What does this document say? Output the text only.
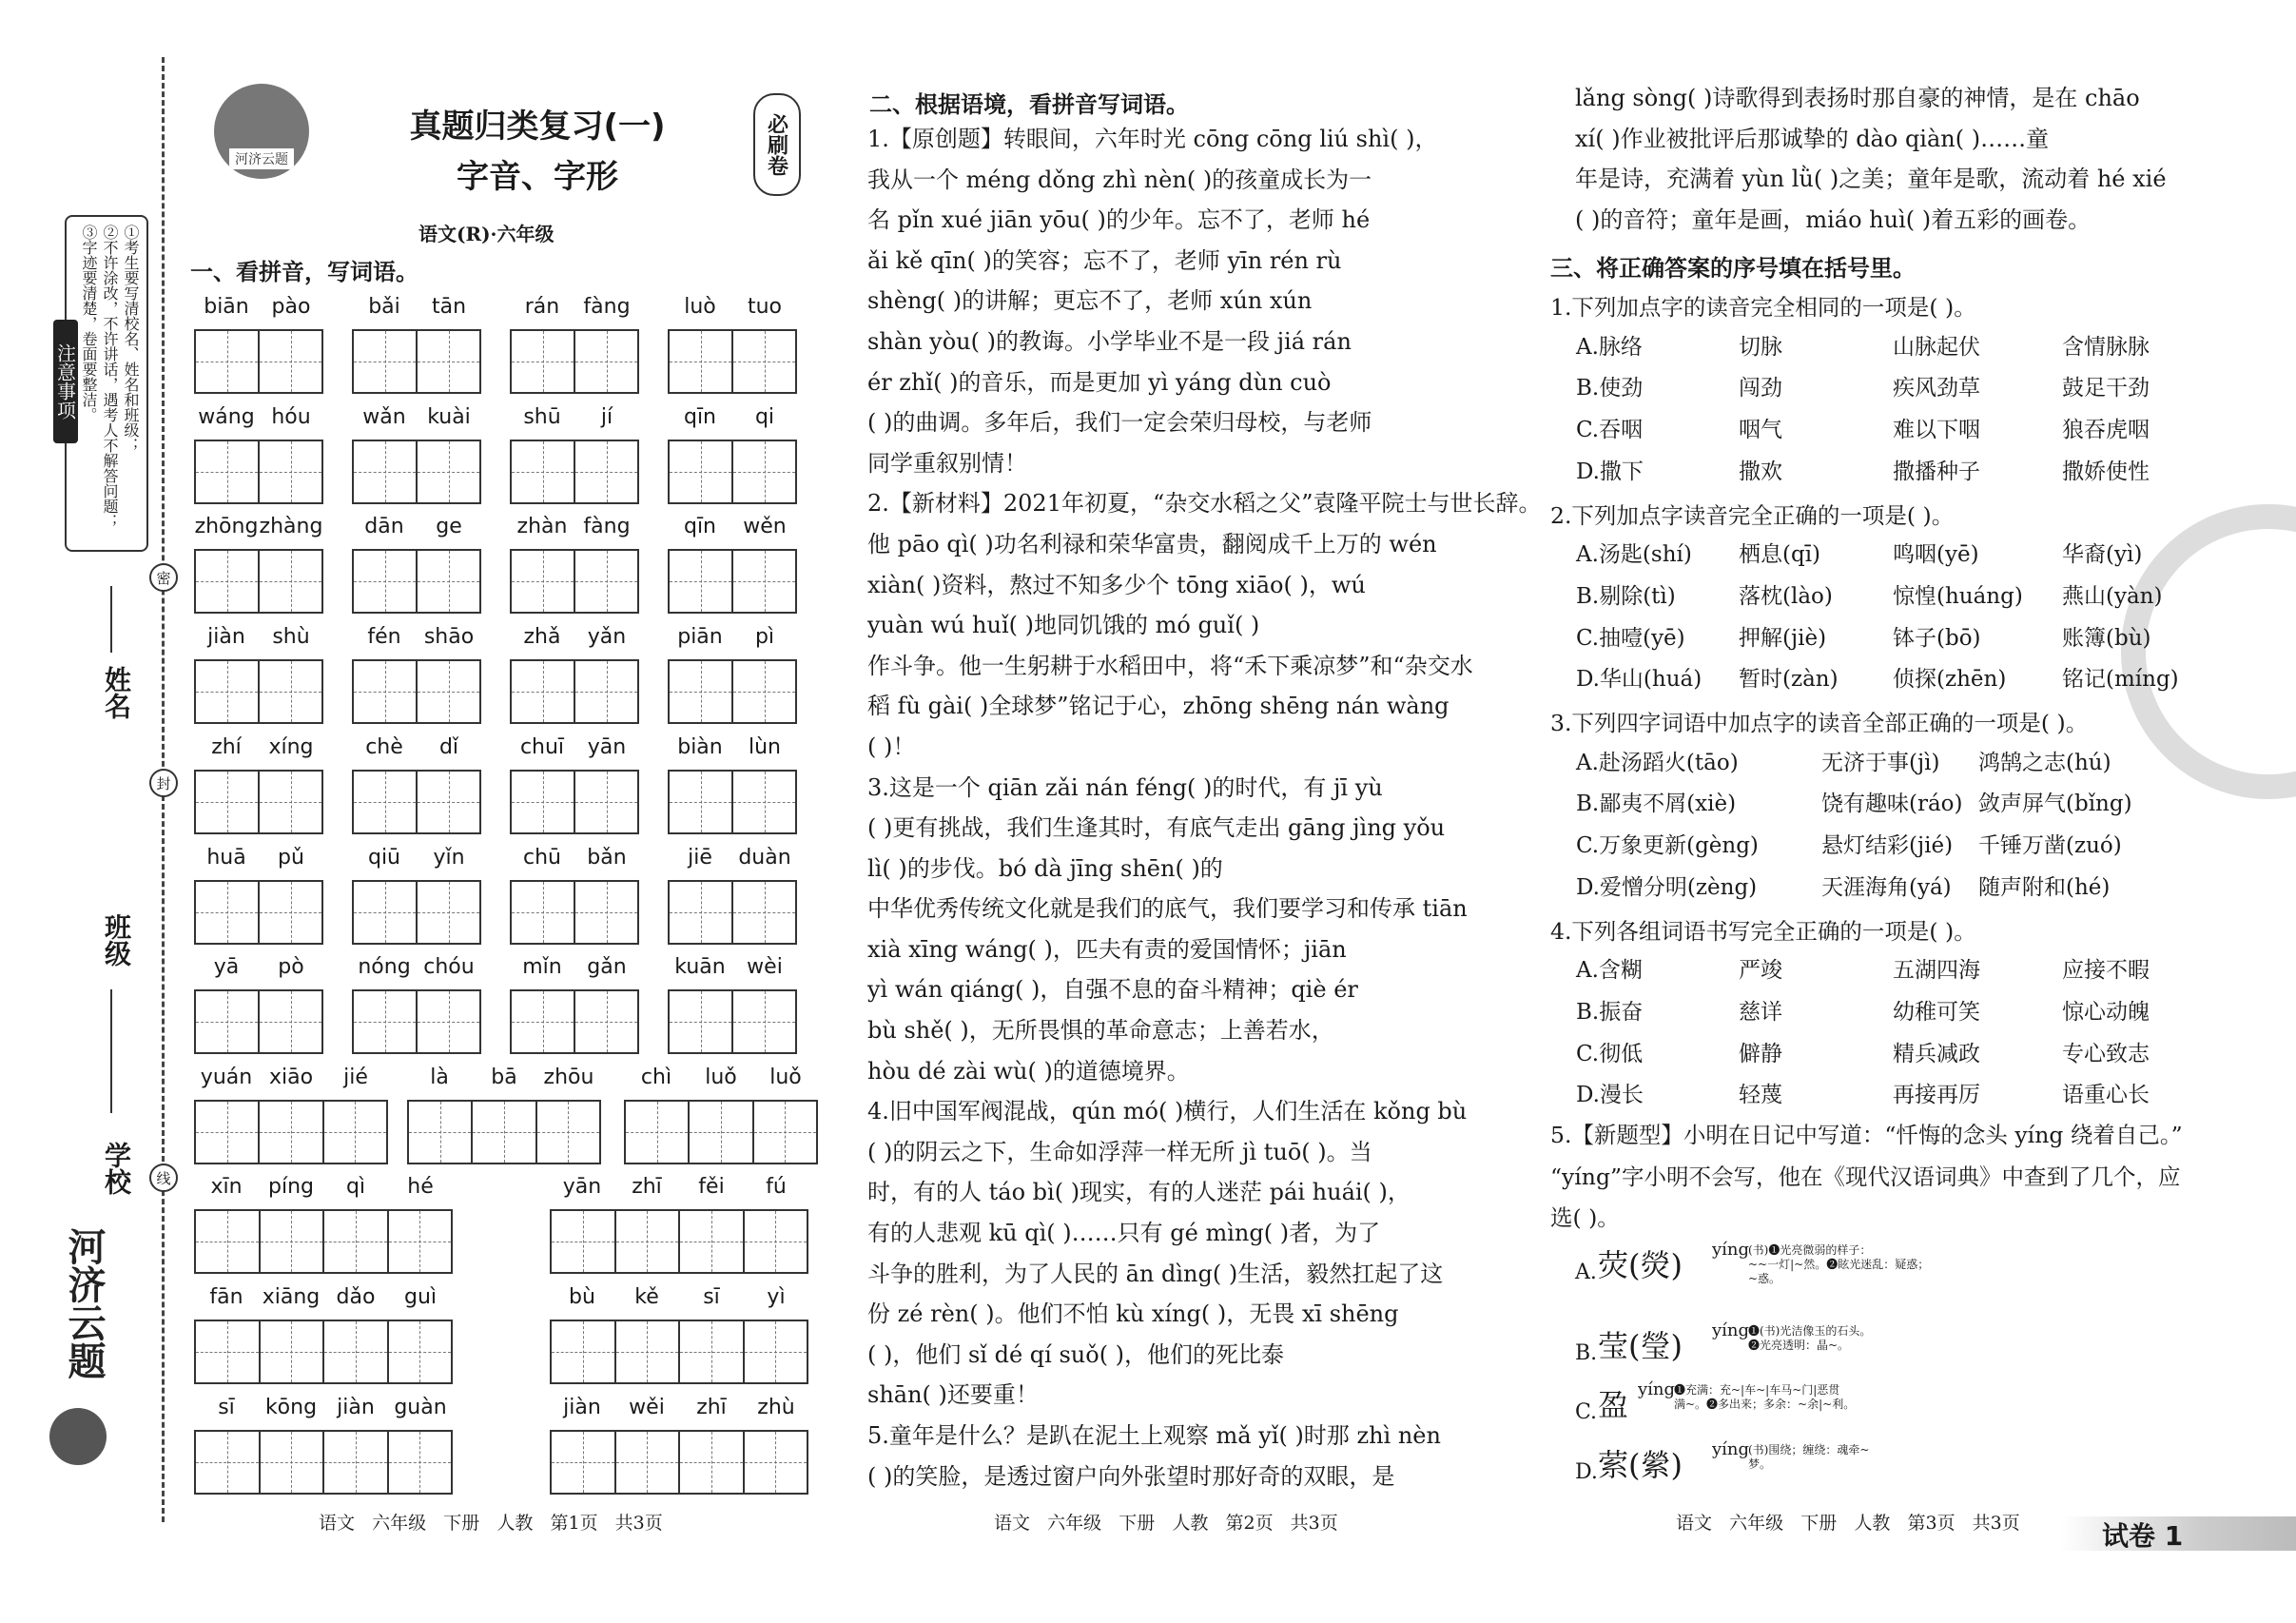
注意事项	①考生要写清校名、姓名和班级；
②不许涂改，不许讲话，遇考人不解答问题；
③字迹要清楚，卷面要整洁。
密
封
线
姓名
班级
学校
河济云题
河济云题
真题归类复习(一)
字音、字形
必刷卷
语文(R)·六年级
一、看拼音，写词语。
biān	pào	bǎi	tān	rán	fàng	luò	tuo
wáng hóu	wǎn	kuài	shū	jí	qīn	qi
zhōng zhàng	dān	ge	zhàn fàng	qīn	wěn
jiàn	shù	fén	shāo	zhǎ	yǎn	piān	pì
zhí	xíng	chè	dǐ	chuī	yān	biàn	lùn
huā	pǔ	qiū	yǐn	chū	bǎn	jiē	duàn
yā	pò	nóng chóu	mǐn	gǎn	kuān	wèi
yuán xiāo	jié	là	bā	zhōu	chì	luǒ	luǒ
xīn	píng	qì	hé	yān	zhī	fěi	fú
fān xiāng dǎo	guì	bù	kě	sī	yì
sī	kōng jiàn guàn	jiàn	wěi	zhī	zhù
语文   六年级   下册   人教   第1页   共3页	语文   六年级   下册   人教   第2页   共3页	语文   六年级   下册   人教   第3页   共3页	试卷 1
二、根据语境，看拼音写词语。
1.【原创题】转眼间，六年时光 cōng cōng liú shì( )，
我从一个 méng dǒng zhì nèn( )的孩童成长为一
名 pǐn xué jiān yōu( )的少年。忘不了，老师 hé
ǎi kě qīn( )的笑容；忘不了，老师 yīn rén rù
shèng( )的讲解；更忘不了，老师 xún xún
shàn yòu( )的教诲。小学毕业不是一段 jiá rán
ér zhǐ( )的音乐，而是更加 yì yáng dùn cuò
( )的曲调。多年后，我们一定会荣归母校，与老师
同学重叙别情！
2.【新材料】2021年初夏，“杂交水稻之父”袁隆平院士与世长辞。
他 pāo qì( )功名利禄和荣华富贵，翻阅成千上万的 wén
xiàn( )资料，熬过不知多少个 tōng xiāo( )，wú
yuàn wú huǐ( )地同饥饿的 mó guǐ( )
作斗争。他一生躬耕于水稻田中，将“禾下乘凉梦”和“杂交水
稻 fù gài( )全球梦”铭记于心，zhōng shēng nán wàng
( )！
3.这是一个 qiān zǎi nán féng( )的时代，有 jī yù
( )更有挑战，我们生逢其时，有底气走出 gāng jìng yǒu
lì( )的步伐。bó dà jīng shēn( )的
中华优秀传统文化就是我们的底气，我们要学习和传承 tiān
xià xīng wáng( )，匹夫有责的爱国情怀；jiān
yì wán qiáng( )，自强不息的奋斗精神；qiè ér
bù shě( )，无所畏惧的革命意志；上善若水，
hòu dé zài wù( )的道德境界。
4.旧中国军阀混战，qún mó( )横行，人们生活在 kǒng bù
( )的阴云之下，生命如浮萍一样无所 jì tuō( )。当
时，有的人 táo bì( )现实，有的人迷茫 pái huái( )，
有的人悲观 kū qì( )……只有 gé mìng( )者，为了
斗争的胜利，为了人民的 ān dìng( )生活，毅然扛起了这
份 zé rèn( )。他们不怕 kù xíng( )，无畏 xī shēng
( )，他们 sǐ dé qí suǒ( )，他们的死比泰
shān( )还要重！
5.童年是什么？是趴在泥土上观察 mǎ yǐ( )时那 zhì nèn
( )的笑脸，是透过窗户向外张望时那好奇的双眼，是
lǎng sòng( )诗歌得到表扬时那自豪的神情，是在 chāo
xí( )作业被批评后那诚挚的 dào qiàn( )……童
年是诗，充满着 yùn lǜ( )之美；童年是歌，流动着 hé xié
( )的音符；童年是画，miáo huì( )着五彩的画卷。
三、将正确答案的序号填在括号里。
1.下列加点字的读音完全相同的一项是( )。
A.脉络	切脉	山脉起伏	含情脉脉
B.使劲	闯劲	疾风劲草	鼓足干劲
C.吞咽	咽气	难以下咽	狼吞虎咽
D.撒下	撒欢	撒播种子	撒娇使性
2.下列加点字读音完全正确的一项是( )。
A.汤匙(shí) 栖息(qī)	鸣咽(yē)	华裔(yì)
B.剔除(tì)	落枕(lào)	惊惶(huáng) 燕山(yàn)
C.抽噎(yē) 押解(jiè)	钵子(bō)	账簿(bù)
D.华山(huá) 暂时(zàn) 侦探(zhēn)	铭记(míng)
3.下列四字词语中加点字的读音全部正确的一项是( )。
A.赴汤蹈火(tāo)	无济于事(jì) 鸿鹄之志(hú)
B.鄙夷不屑(xiè)	饶有趣味(ráo) 敛声屏气(bǐng)
C.万象更新(gèng)	悬灯结彩(jié) 千锤万凿(zuó)
D.爱憎分明(zèng)	天涯海角(yá) 随声附和(hé)
4.下列各组词语书写完全正确的一项是( )。
A.含糊	严竣	五湖四海	应接不暇
B.振奋	慈详	幼稚可笑	惊心动魄
C.彻低	僻静	精兵减政	专心致志
D.漫长	轻蔑	再接再厉	语重心长
5.【新题型】小明在日记中写道：“忏悔的念头 yíng 绕着自己。”
“yíng”字小明不会写，他在《现代汉语词典》中查到了几个，应
选( )。
A. 荧(熒) yíng
(书)❶光亮微弱的样子：
~~一灯|~然。❷眩光迷乱：疑惑；
~惑。
B. 莹(瑩) yíng
❶(书)光洁像玉的石头。
❷光亮透明：晶~。
C. 盈 yíng
❶充满：充~|车~|车马~门|恶贯
满~。❷多出来；多余：~余|~利。
D. 萦(縈) yíng
(书)围绕；缠绕：魂牵~
梦。
